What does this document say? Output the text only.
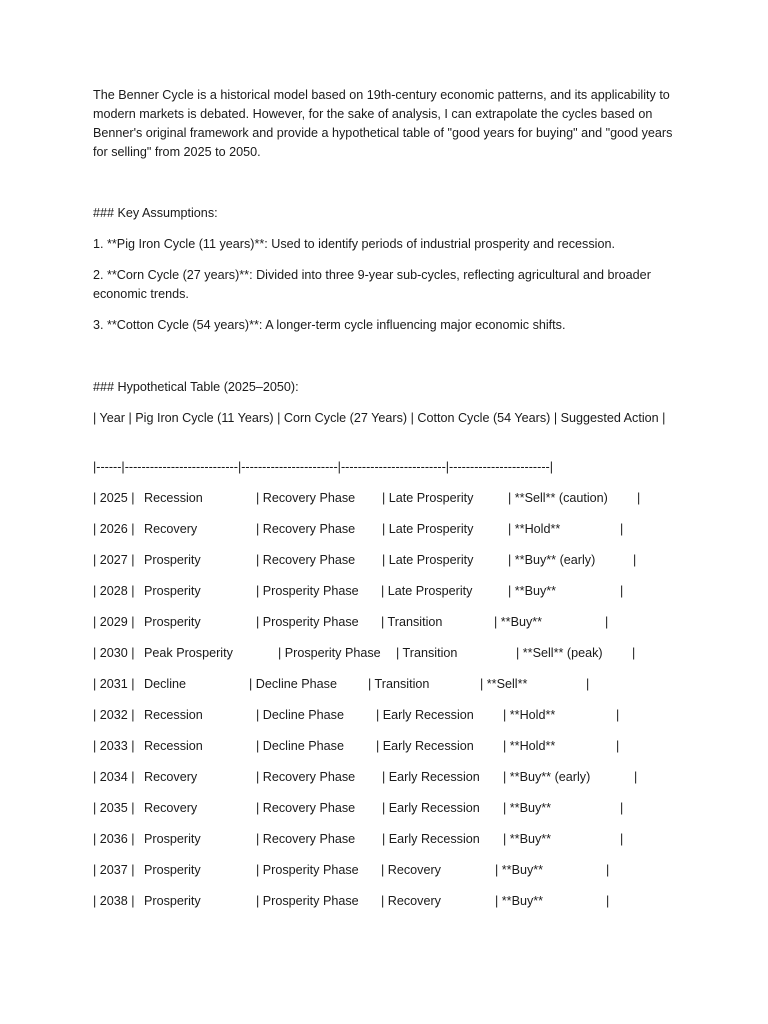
The Benner Cycle is a historical model based on 19th-century economic patterns, and its applicability to modern markets is debated. However, for the sake of analysis, I can extrapolate the cycles based on Benner's original framework and provide a hypothetical table of "good years for buying" and "good years for selling" from 2025 to 2050.

### Key Assumptions:

1. **Pig Iron Cycle (11 years)**: Used to identify periods of industrial prosperity and recession.

2. **Corn Cycle (27 years)**: Divided into three 9-year sub-cycles, reflecting agricultural and broader economic trends.

3. **Cotton Cycle (54 years)**: A longer-term cycle influencing major economic shifts.

### Hypothetical Table (2025–2050):

| Year | Pig Iron Cycle (11 Years) | Corn Cycle (27 Years) | Cotton Cycle (54 Years) | Suggested Action |

|------|---------------------------|-----------------------|-------------------------|------------------------|
| 2025 | Recession	| Recovery Phase | Late Prosperity	| **Sell** (caution) |
| 2026 | Recovery	| Recovery Phase | Late Prosperity	| **Hold**	|
| 2027 | Prosperity	| Recovery Phase | Late Prosperity	| **Buy** (early)	|
| 2028 | Prosperity	| Prosperity Phase | Late Prosperity	| **Buy**	|
| 2029 | Prosperity	| Prosperity Phase | Transition	| **Buy**	|
| 2030 | Peak Prosperity	| Prosperity Phase | Transition	| **Sell** (peak) |
| 2031 | Decline	| Decline Phase | Transition	| **Sell**	|
| 2032 | Recession	| Decline Phase	| Early Recession | **Hold**	|
| 2033 | Recession	| Decline Phase	| Early Recession | **Hold**	|
| 2034 | Recovery	| Recovery Phase | Early Recession | **Buy** (early)	|
| 2035 | Recovery	| Recovery Phase | Early Recession | **Buy**	|
| 2036 | Prosperity	| Recovery Phase | Early Recession | **Buy**	|
| 2037 | Prosperity	| Prosperity Phase | Recovery	| **Buy**	|
| 2038 | Prosperity	| Prosperity Phase | Recovery	| **Buy**	|
